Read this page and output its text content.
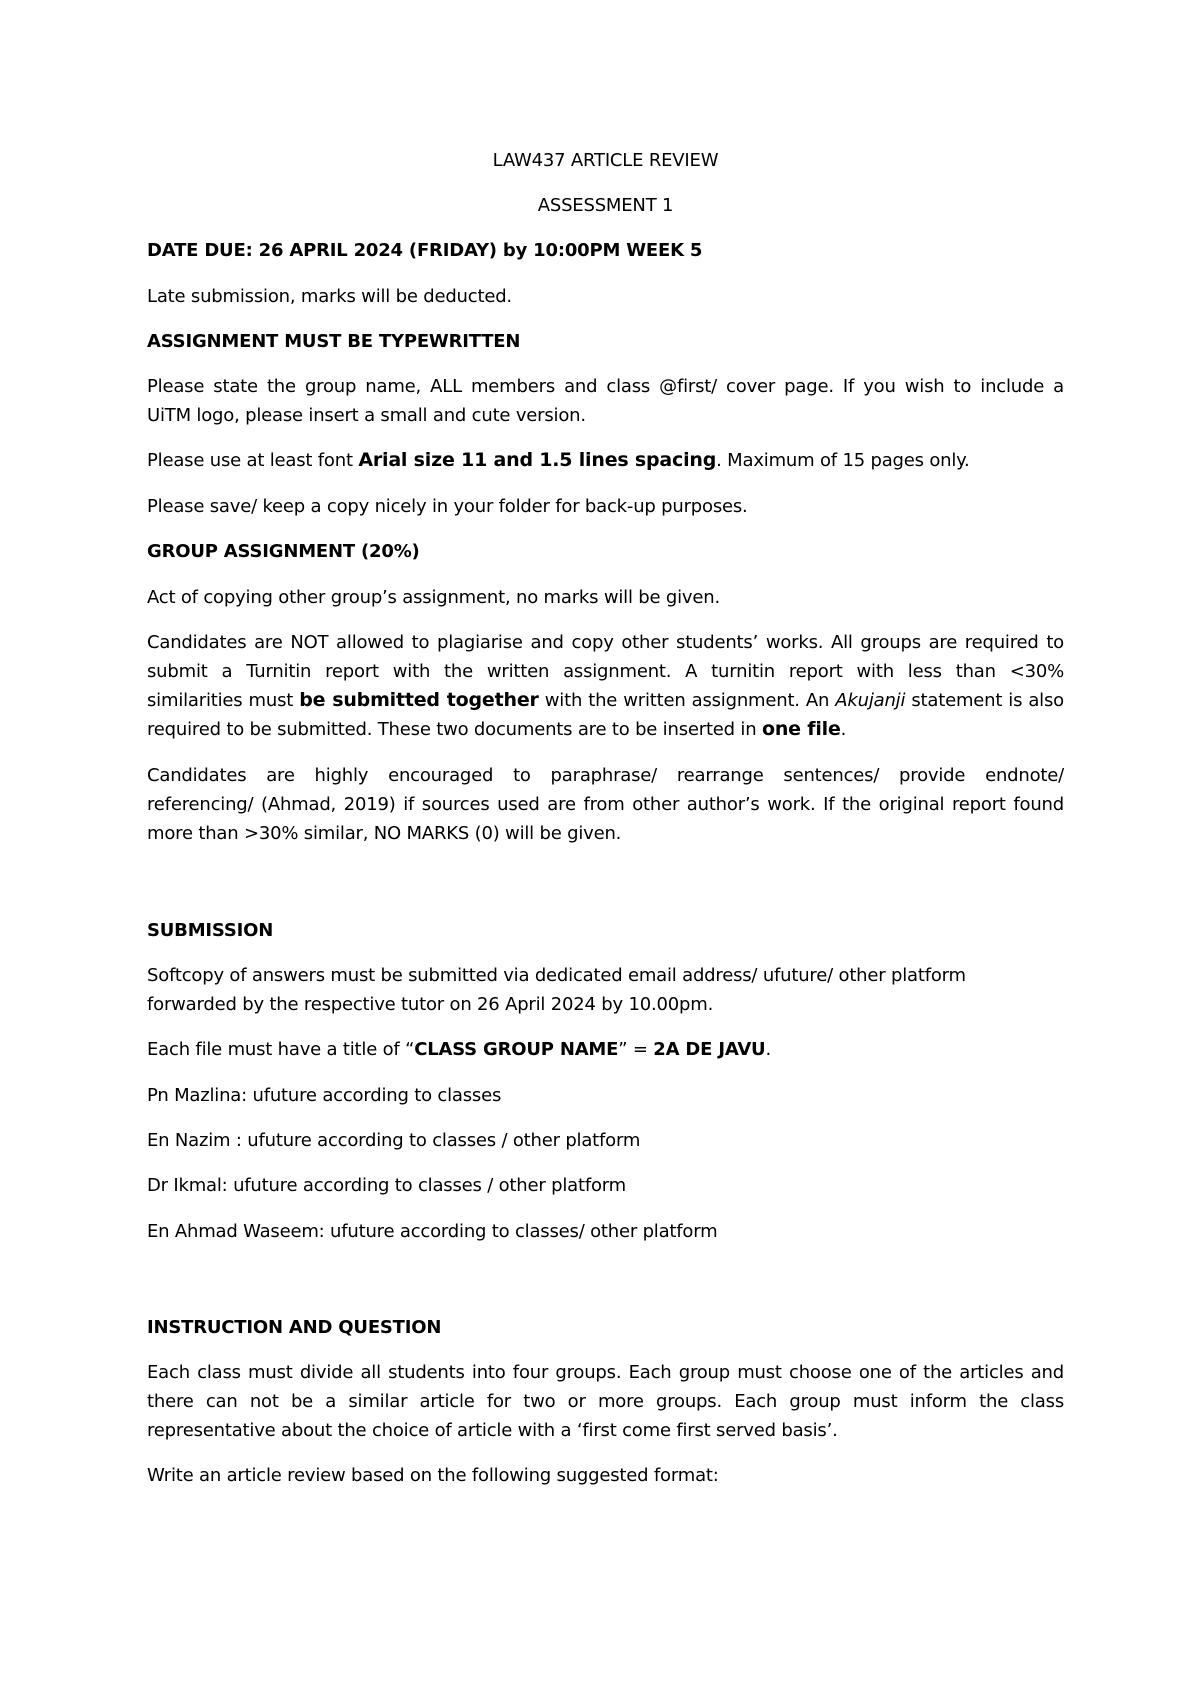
LAW437 ARTICLE REVIEW
ASSESSMENT 1
DATE DUE: 26 APRIL 2024 (FRIDAY) by 10:00PM WEEK 5
Late submission, marks will be deducted.
ASSIGNMENT MUST BE TYPEWRITTEN
Please state the group name, ALL members and class @first/ cover page. If you wish to include a
UiTM logo, please insert a small and cute version.
Please use at least font Arial size 11 and 1.5 lines spacing. Maximum of 15 pages only.
Please save/ keep a copy nicely in your folder for back-up purposes.
GROUP ASSIGNMENT (20%)
Act of copying other group’s assignment, no marks will be given.
Candidates are NOT allowed to plagiarise and copy other students’ works. All groups are required to
submit a Turnitin report with the written assignment. A turnitin report with less than <30%
similarities must be submitted together with the written assignment. An Akujanji statement is also
required to be submitted. These two documents are to be inserted in one file.
Candidates are highly encouraged to paraphrase/ rearrange sentences/ provide endnote/
referencing/ (Ahmad, 2019) if sources used are from other author’s work. If the original report found
more than >30% similar, NO MARKS (0) will be given.
SUBMISSION
Softcopy of answers must be submitted via dedicated email address/ ufuture/ other platform
forwarded by the respective tutor on 26 April 2024 by 10.00pm.
Each file must have a title of “CLASS GROUP NAME” = 2A DE JAVU.
Pn Mazlina: ufuture according to classes
En Nazim : ufuture according to classes / other platform
Dr Ikmal: ufuture according to classes / other platform
En Ahmad Waseem: ufuture according to classes/ other platform
INSTRUCTION AND QUESTION
Each class must divide all students into four groups. Each group must choose one of the articles and
there can not be a similar article for two or more groups. Each group must inform the class
representative about the choice of article with a ‘first come first served basis’.
Write an article review based on the following suggested format:
